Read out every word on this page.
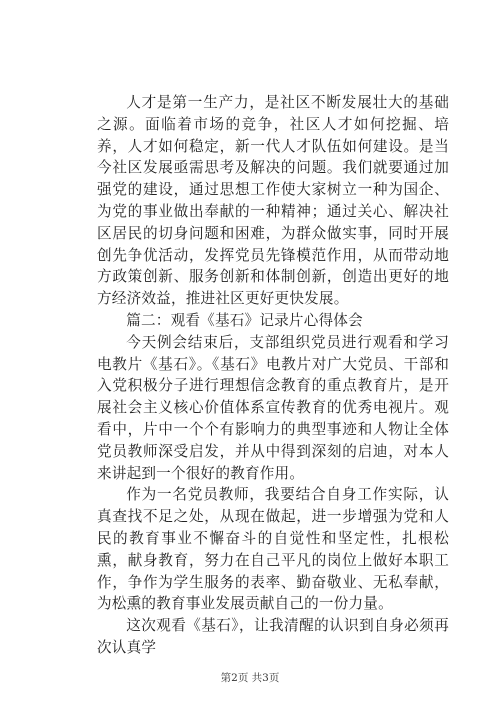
人才是第一生产力，是社区不断发展壮大的基础之源。面临着市场的竞争，社区人才如何挖掘、培养，人才如何稳定，新一代人才队伍如何建设。是当今社区发展亟需思考及解决的问题。我们就要通过加强党的建设，通过思想工作使大家树立一种为国企、为党的事业做出奉献的一种精神；通过关心、解决社区居民的切身问题和困难，为群众做实事，同时开展创先争优活动，发挥党员先锋模范作用，从而带动地方政策创新、服务创新和体制创新，创造出更好的地方经济效益，推进社区更好更快发展。

篇二：观看《基石》记录片心得体会

今天例会结束后，支部组织党员进行观看和学习电教片《基石》。《基石》电教片对广大党员、干部和入党积极分子进行理想信念教育的重点教育片，是开展社会主义核心价值体系宣传教育的优秀电视片。观看中，片中一个个有影响力的典型事迹和人物让全体党员教师深受启发，并从中得到深刻的启迪，对本人来讲起到一个很好的教育作用。

作为一名党员教师，我要结合自身工作实际，认真查找不足之处，从现在做起，进一步增强为党和人民的教育事业不懈奋斗的自觉性和坚定性，扎根松熏，献身教育，努力在自己平凡的岗位上做好本职工作，争作为学生服务的表率、勤奋敬业、无私奉献，为松熏的教育事业发展贡献自己的一份力量。

这次观看《基石》，让我清醒的认识到自身必须再次认真学

第2页 共3页
